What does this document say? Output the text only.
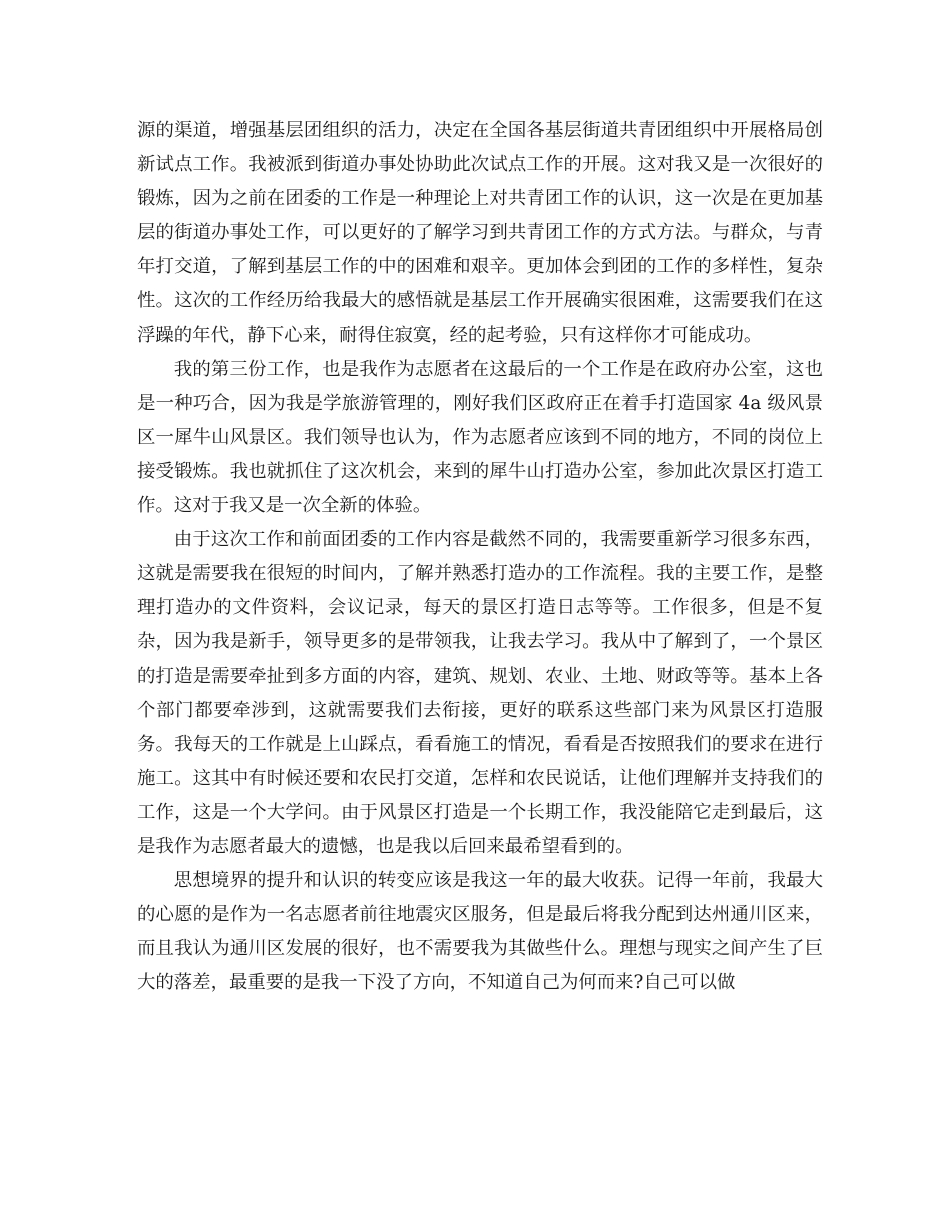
源的渠道，增强基层团组织的活力，决定在全国各基层街道共青团组织中开展格局创新试点工作。我被派到街道办事处协助此次试点工作的开展。这对我又是一次很好的锻炼，因为之前在团委的工作是一种理论上对共青团工作的认识，这一次是在更加基层的街道办事处工作，可以更好的了解学习到共青团工作的方式方法。与群众，与青年打交道，了解到基层工作的中的困难和艰辛。更加体会到团的工作的多样性，复杂性。这次的工作经历给我最大的感悟就是基层工作开展确实很困难，这需要我们在这浮躁的年代，静下心来，耐得住寂寞，经的起考验，只有这样你才可能成功。

我的第三份工作，也是我作为志愿者在这最后的一个工作是在政府办公室，这也是一种巧合，因为我是学旅游管理的，刚好我们区政府正在着手打造国家 4a 级风景区一犀牛山风景区。我们领导也认为，作为志愿者应该到不同的地方，不同的岗位上接受锻炼。我也就抓住了这次机会，来到的犀牛山打造办公室，参加此次景区打造工作。这对于我又是一次全新的体验。

由于这次工作和前面团委的工作内容是截然不同的，我需要重新学习很多东西，这就是需要我在很短的时间内，了解并熟悉打造办的工作流程。我的主要工作，是整理打造办的文件资料，会议记录，每天的景区打造日志等等。工作很多，但是不复杂，因为我是新手，领导更多的是带领我，让我去学习。我从中了解到了，一个景区的打造是需要牵扯到多方面的内容，建筑、规划、农业、土地、财政等等。基本上各个部门都要牵涉到，这就需要我们去衔接，更好的联系这些部门来为风景区打造服务。我每天的工作就是上山踩点，看看施工的情况，看看是否按照我们的要求在进行施工。这其中有时候还要和农民打交道，怎样和农民说话，让他们理解并支持我们的工作，这是一个大学问。由于风景区打造是一个长期工作，我没能陪它走到最后，这是我作为志愿者最大的遗憾，也是我以后回来最希望看到的。

思想境界的提升和认识的转变应该是我这一年的最大收获。记得一年前，我最大的心愿的是作为一名志愿者前往地震灾区服务，但是最后将我分配到达州通川区来，而且我认为通川区发展的很好，也不需要我为其做些什么。理想与现实之间产生了巨大的落差，最重要的是我一下没了方向，不知道自己为何而来?自己可以做
